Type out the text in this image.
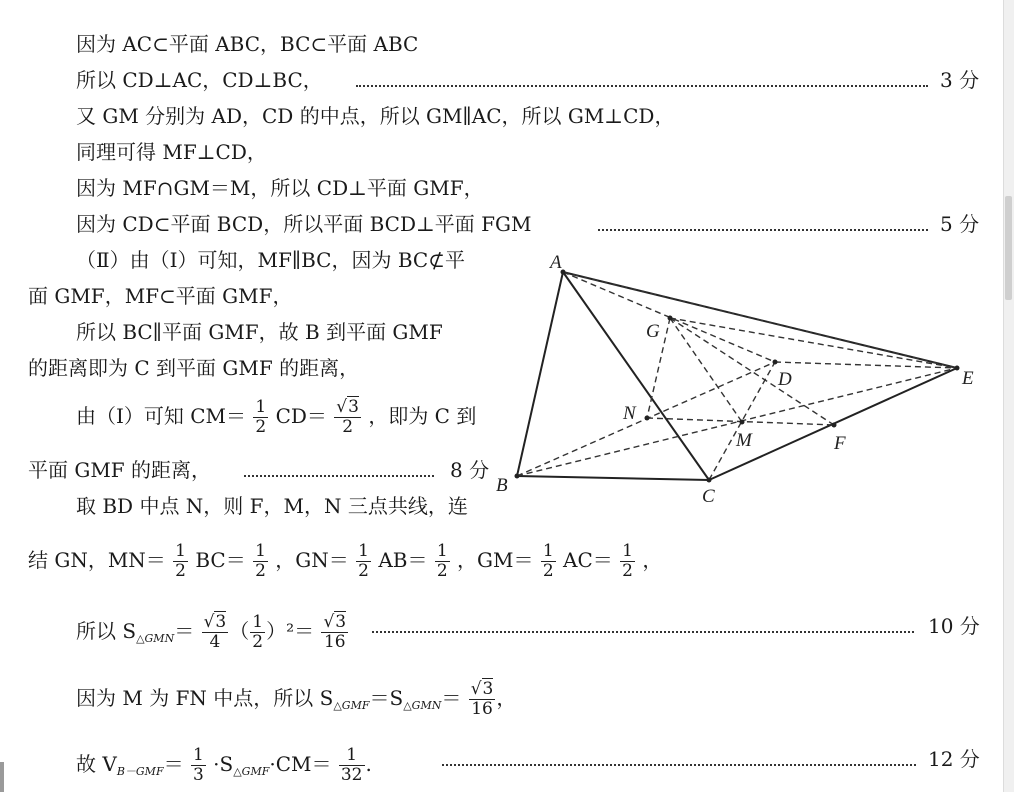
因为 AC⊂平面 ABC，BC⊂平面 ABC
所以 CD⊥AC，CD⊥BC，	3 分
又 GM 分别为 AD，CD 的中点，所以 GM∥AC，所以 GM⊥CD，
同理可得 MF⊥CD，
因为 MF∩GM＝M，所以 CD⊥平面 GMF，
因为 CD⊂平面 BCD，所以平面 BCD⊥平面 FGM	5 分
（Ⅱ）由（Ⅰ）可知，MF∥BC，因为 BC⊄平
面 GMF，MF⊂平面 GMF，
所以 BC∥平面 GMF，故 B 到平面 GMF
的距离即为 C 到平面 GMF 的距离，
由（Ⅰ）可知 $CM= \frac{1}{2} CD= \frac{√3}{2}$ ，即为 C 到
平面 GMF 的距离，	8 分
取 BD 中点 N，则 F，M，N 三点共线，连
结 GN，$MN= \frac{1}{2} BC= \frac{1}{2}$ ，$GN= \frac{1}{2} AB= \frac{1}{2}$ ，$GM= \frac{1}{2} AC= \frac{1}{2}$ ，
所以 $S_{\triangle GMN}= \frac{√3}{4}$ （ $\frac{1}{2} )^2= \frac{√3}{16}$	10 分
因为 M 为 FN 中点，所以 $S_{\triangle GMF}=S_{\triangle GMN}= \frac{√3}{16}$ ，
故 $V_{B-GMF}= \frac{1}{3} \cdot S_{\triangle GMF}\cdot CM= \frac{1}{32}$ .	12 分
A
B
C
D	E
F
G
M
N
